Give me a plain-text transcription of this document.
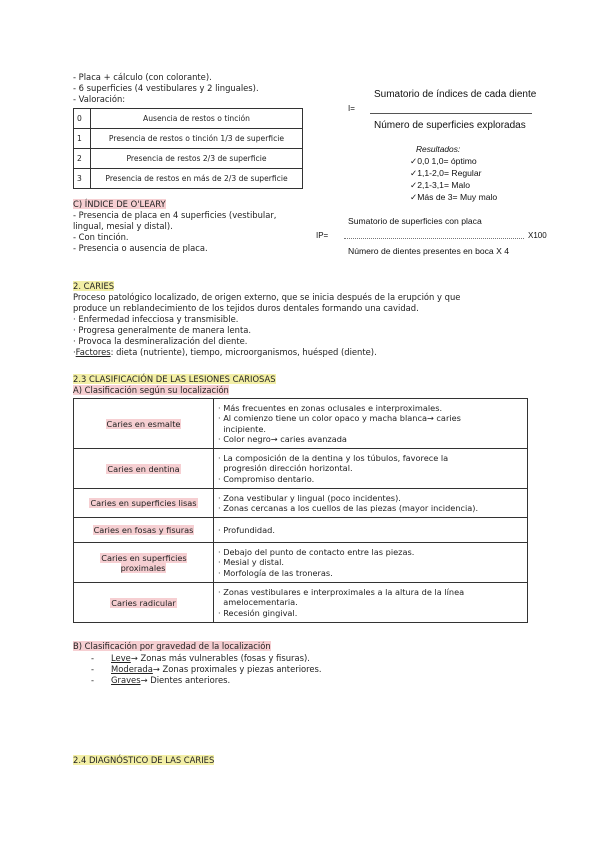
- Placa + cálculo (con colorante).
- 6 superficies (4 vestibulares y 2 linguales).
- Valoración:
0	Ausencia de restos o tinción
1	Presencia de restos o tinción 1/3 de superficie
2	Presencia de restos 2/3 de superficie
3	Presencia de restos en más de 2/3 de superficie
I=
Sumatorio de índices de cada diente
Número de superficies exploradas
Resultados:
✓0,0 1,0= óptimo
✓1,1-2,0= Regular
✓2,1-3,1= Malo
✓Más de 3= Muy malo
C) ÍNDICE DE O'LEARY
- Presencia de placa en 4 superficies (vestibular,
lingual, mesial y distal).
- Con tinción.
- Presencia o ausencia de placa.
IP=
Sumatorio de superficies con placa
X100
Número de dientes presentes en boca X 4
2. CARIES
Proceso patológico localizado, de origen externo, que se inicia después de la erupción y que
produce un reblandecimiento de los tejidos duros dentales formando una cavidad.
· Enfermedad infecciosa y transmisible.
· Progresa generalmente de manera lenta.
· Provoca la desmineralización del diente.
·Factores: dieta (nutriente), tiempo, microorganismos, huésped (diente).
2.3 CLASIFICACIÓN DE LAS LESIONES CARIOSAS
A) Clasificación según su localización
Caries en esmalte	· Más frecuentes en zonas oclusales e interproximales.
· Al comienzo tiene un color opaco y macha blanca→ caries
incipiente.
· Color negro→ caries avanzada

Caries en dentina	· La composición de la dentina y los túbulos, favorece la
progresión dirección horizontal.
· Compromiso dentario.

Caries en superficies lisas	· Zona vestibular y lingual (poco incidentes).
· Zonas cercanas a los cuellos de las piezas (mayor incidencia).

Caries en fosas y fisuras	· Profundidad.

Caries en superficies proximales	· Debajo del punto de contacto entre las piezas.
· Mesial y distal.
· Morfología de las troneras.

Caries radicular	· Zonas vestibulares e interproximales a la altura de la línea
amelocementaria.
· Recesión gingival.
B) Clasificación por gravedad de la localización
- Leve→ Zonas más vulnerables (fosas y fisuras).
- Moderada→ Zonas proximales y piezas anteriores.
- Graves→ Dientes anteriores.
2.4 DIAGNÓSTICO DE LAS CARIES
